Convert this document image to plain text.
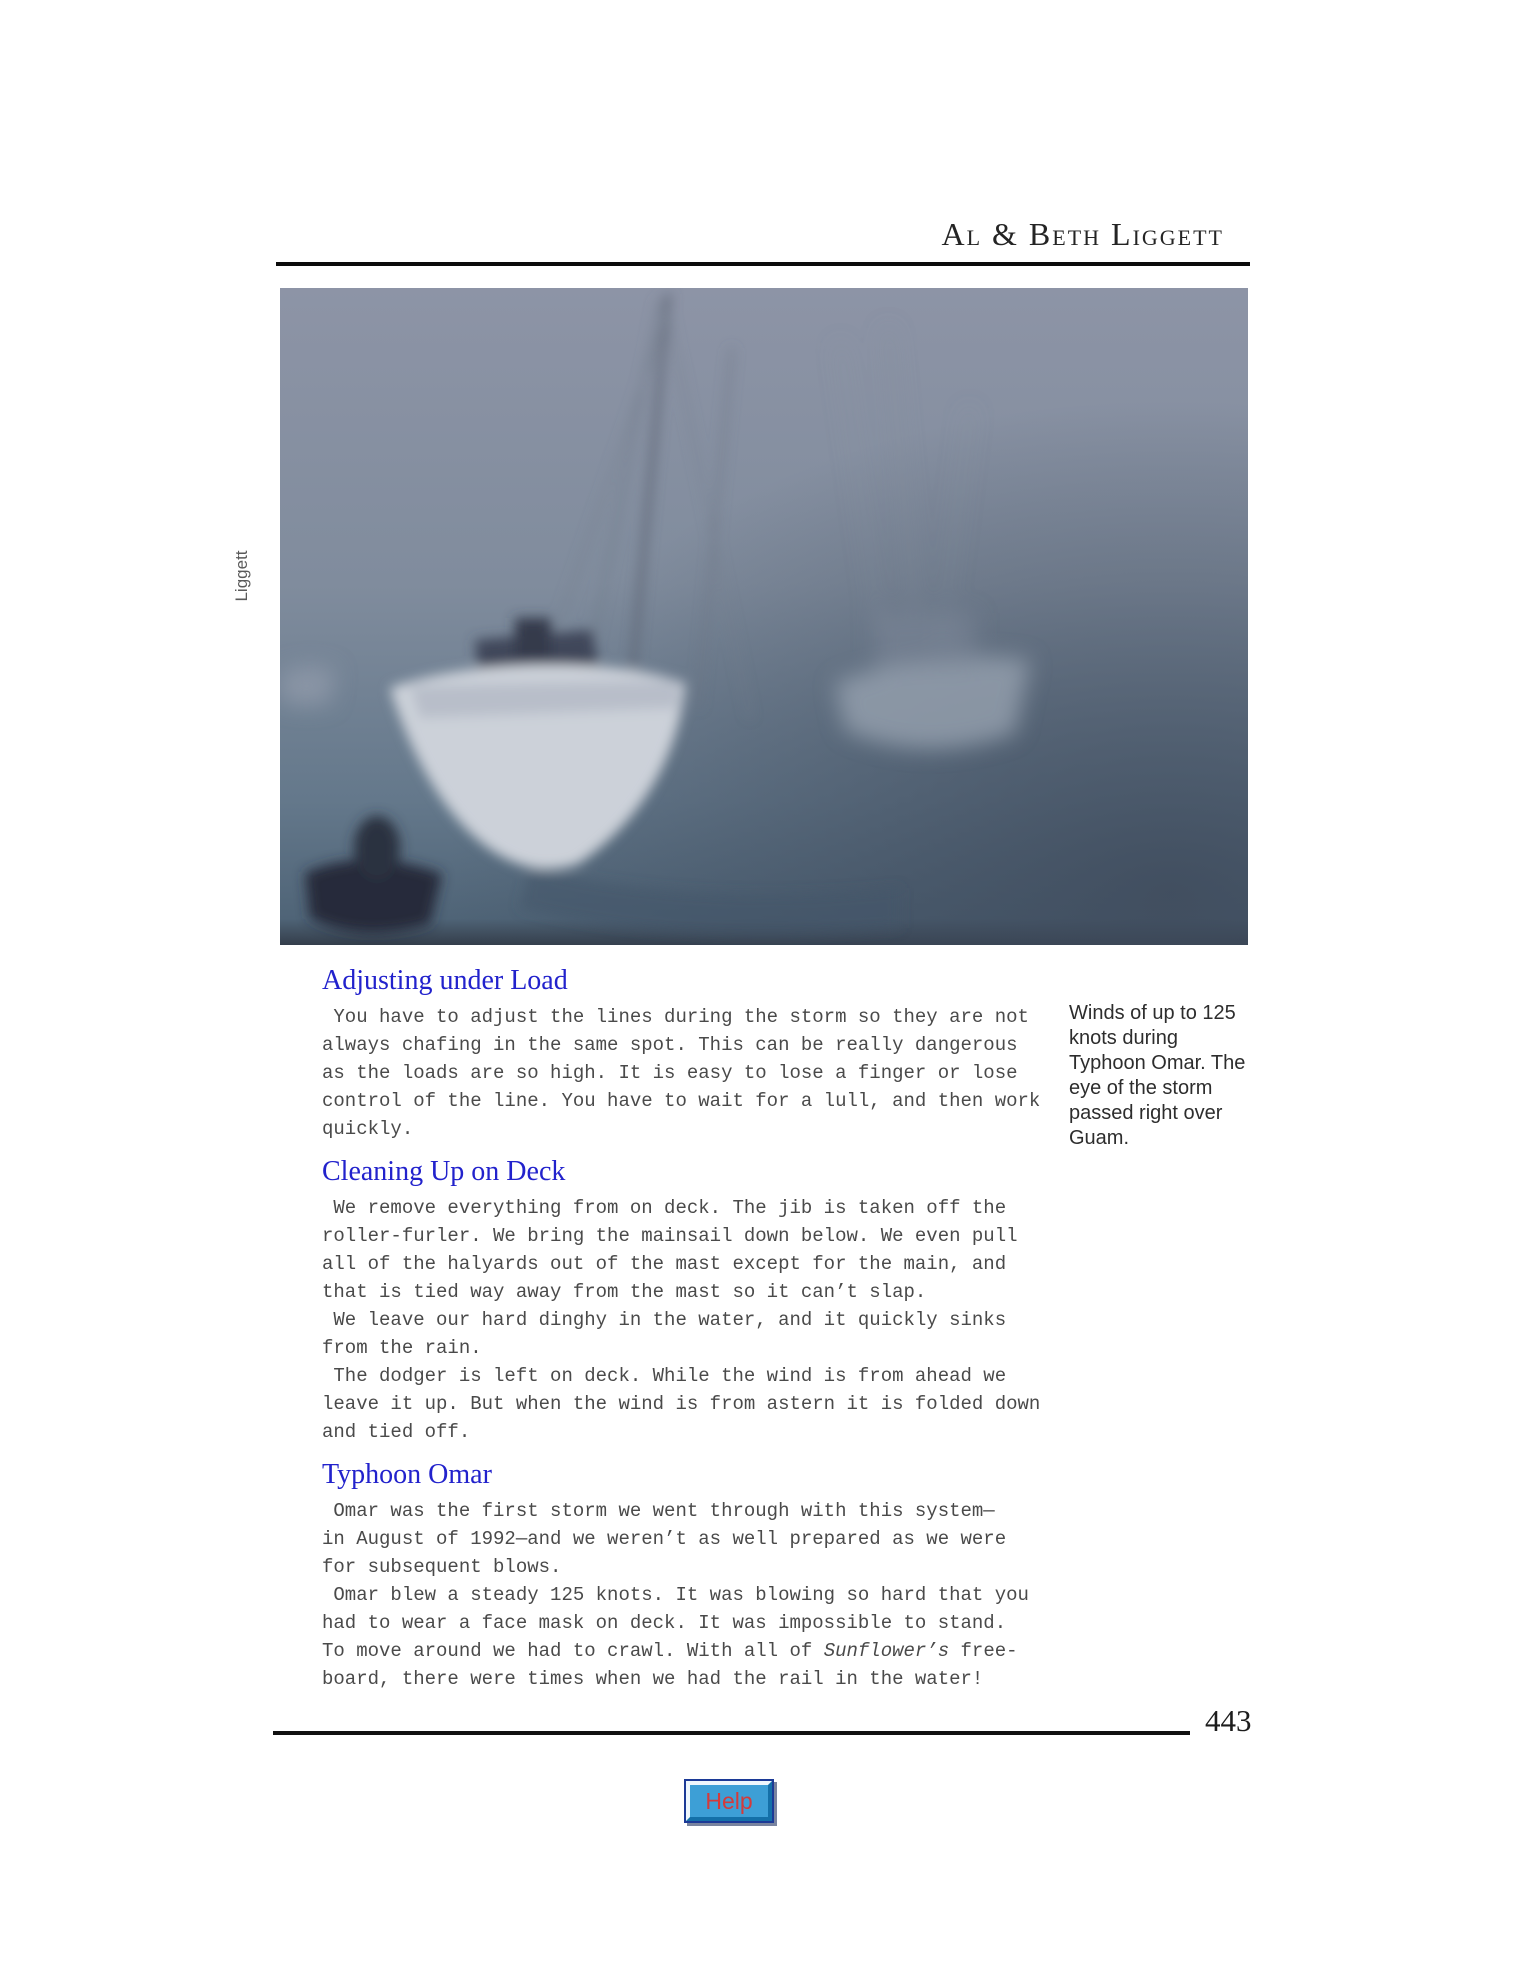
Al & Beth Liggett
Liggett
Adjusting under Load
You have to adjust the lines during the storm so they are not
always chafing in the same spot. This can be really dangerous
as the loads are so high. It is easy to lose a finger or lose
control of the line. You have to wait for a lull, and then work
quickly.
Cleaning Up on Deck
We remove everything from on deck. The jib is taken off the
roller-furler. We bring the mainsail down below. We even pull
all of the halyards out of the mast except for the main, and
that is tied way away from the mast so it can’t slap.
We leave our hard dinghy in the water, and it quickly sinks
from the rain.
The dodger is left on deck. While the wind is from ahead we
leave it up. But when the wind is from astern it is folded down
and tied off.
Typhoon Omar
Omar was the first storm we went through with this system—
in August of 1992—and we weren’t as well prepared as we were
for subsequent blows.
Omar blew a steady 125 knots. It was blowing so hard that you
had to wear a face mask on deck. It was impossible to stand.
To move around we had to crawl. With all of Sunflower’s free-
board, there were times when we had the rail in the water!
Winds of up to 125
knots during
Typhoon Omar. The
eye of the storm
passed right over
Guam.
443
Help
